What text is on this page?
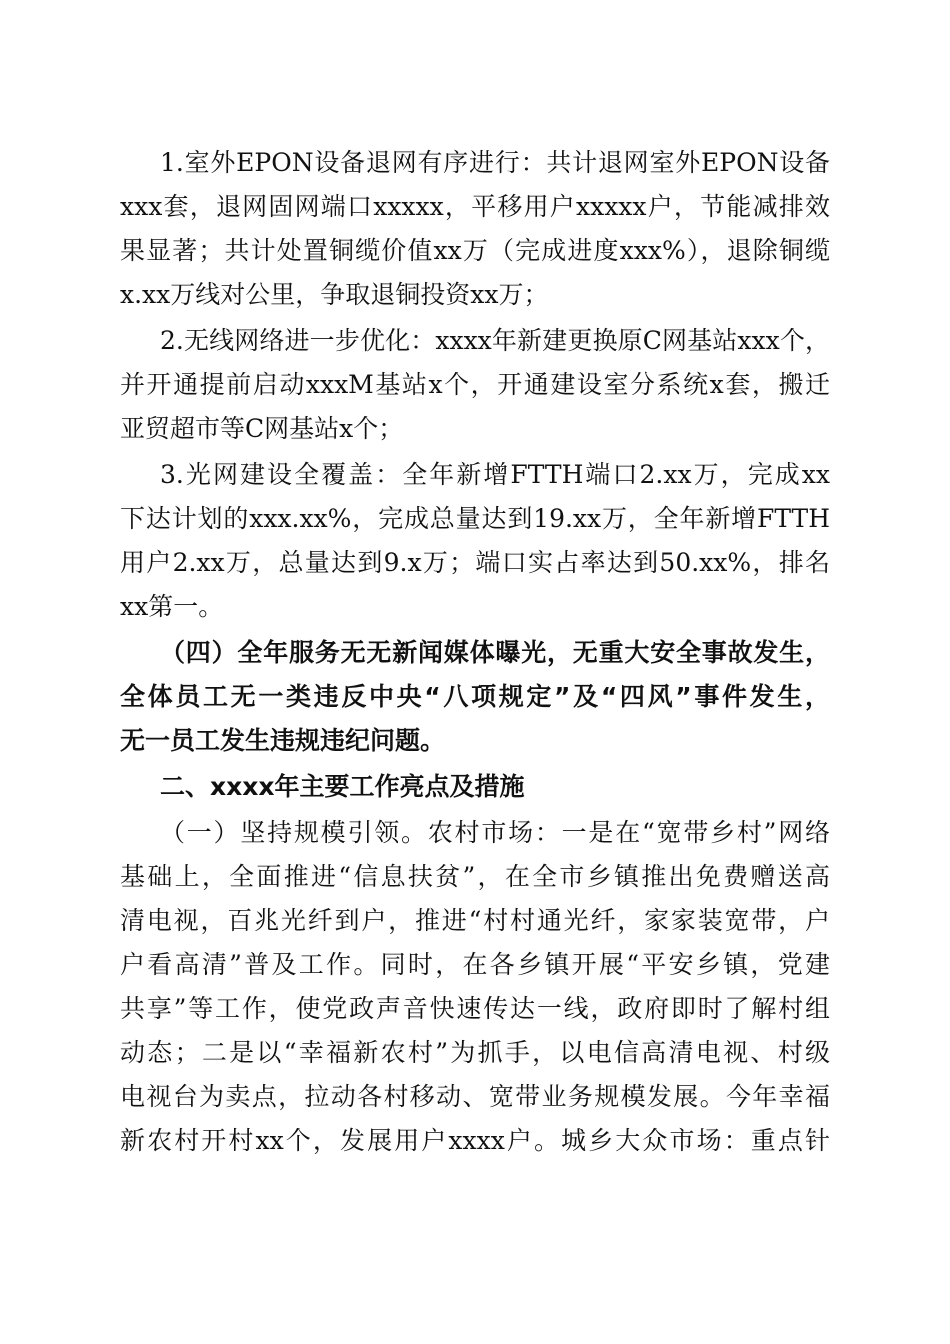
1.室外EPON设备退网有序进行：共计退网室外EPON设备
xxx套，退网固网端口xxxxx，平移用户xxxxx户，节能减排效
果显著；共计处置铜缆价值xx万（完成进度xxx%），退除铜缆
x.xx万线对公里，争取退铜投资xx万；
2.无线网络进一步优化：xxxx年新建更换原C网基站xxx个，
并开通提前启动xxxM基站x个，开通建设室分系统x套，搬迁
亚贸超市等C网基站x个；
3.光网建设全覆盖：全年新增FTTH端口2.xx万，完成xx
下达计划的xxx.xx%，完成总量达到19.xx万，全年新增FTTH
用户2.xx万，总量达到9.x万；端口实占率达到50.xx%，排名
xx第一。
（四）全年服务无无新闻媒体曝光，无重大安全事故发生，
全体员工无一类违反中央“八项规定”及“四风”事件发生，
无一员工发生违规违纪问题。
二、xxxx年主要工作亮点及措施
（一）坚持规模引领。农村市场：一是在“宽带乡村”网络
基础上，全面推进“信息扶贫”，在全市乡镇推出免费赠送高
清电视，百兆光纤到户，推进“村村通光纤，家家装宽带，户
户看高清”普及工作。同时，在各乡镇开展“平安乡镇，党建
共享”等工作，使党政声音快速传达一线，政府即时了解村组
动态；二是以“幸福新农村”为抓手，以电信高清电视、村级
电视台为卖点，拉动各村移动、宽带业务规模发展。今年幸福
新农村开村xx个，发展用户xxxx户。城乡大众市场：重点针
